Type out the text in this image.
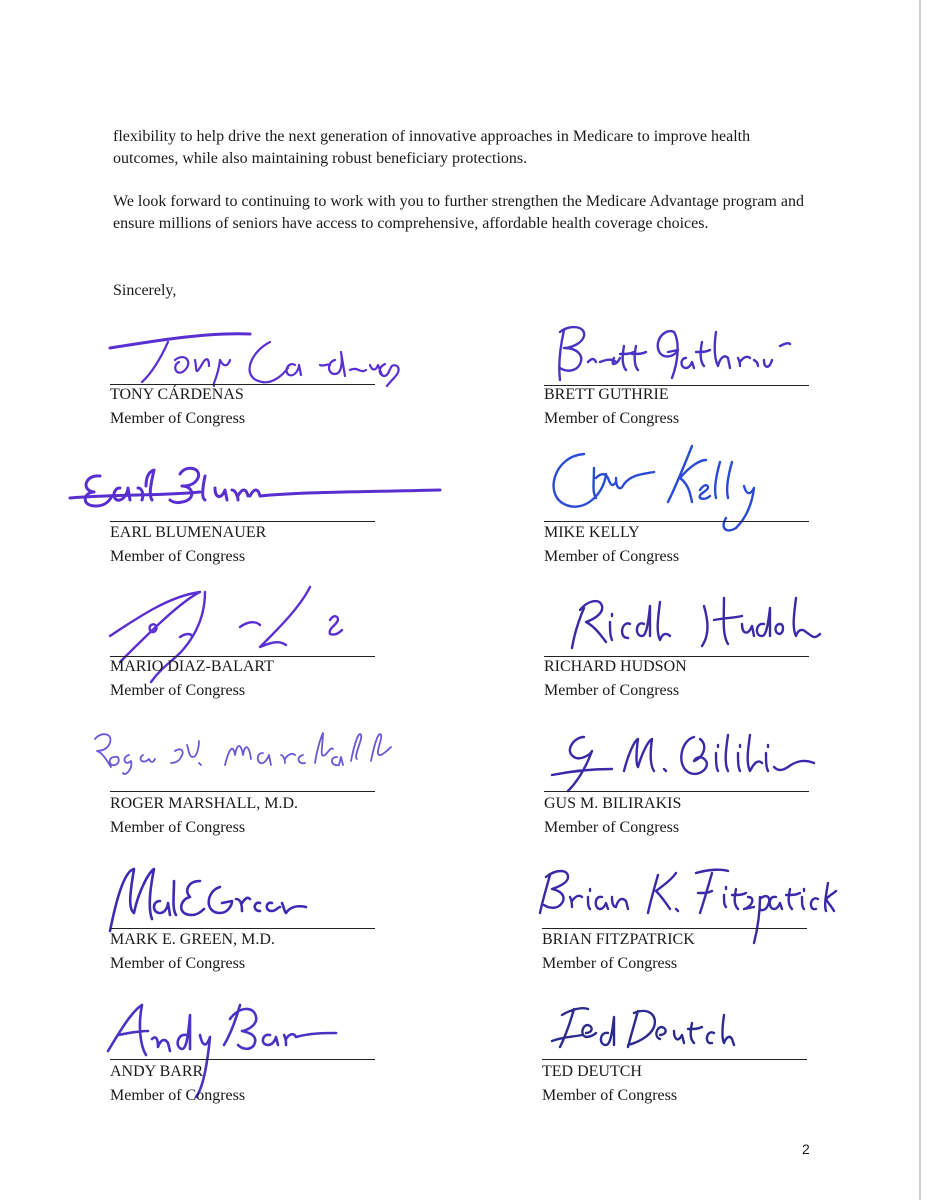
flexibility to help drive the next generation of innovative approaches in Medicare to improve health outcomes, while also maintaining robust beneficiary protections.

We look forward to continuing to work with you to further strengthen the Medicare Advantage program and ensure millions of seniors have access to comprehensive, affordable health coverage choices.

Sincerely,

TONY CÁRDENAS
Member of Congress
EARL BLUMENAUER
Member of Congress
MARIO DIAZ-BALART
Member of Congress
ROGER MARSHALL, M.D.
Member of Congress
MARK E. GREEN, M.D.
Member of Congress
ANDY BARR
Member of Congress
BRETT GUTHRIE
Member of Congress
MIKE KELLY
Member of Congress
RICHARD HUDSON
Member of Congress
GUS M. BILIRAKIS
Member of Congress
BRIAN FITZPATRICK
Member of Congress
TED DEUTCH
Member of Congress
2
